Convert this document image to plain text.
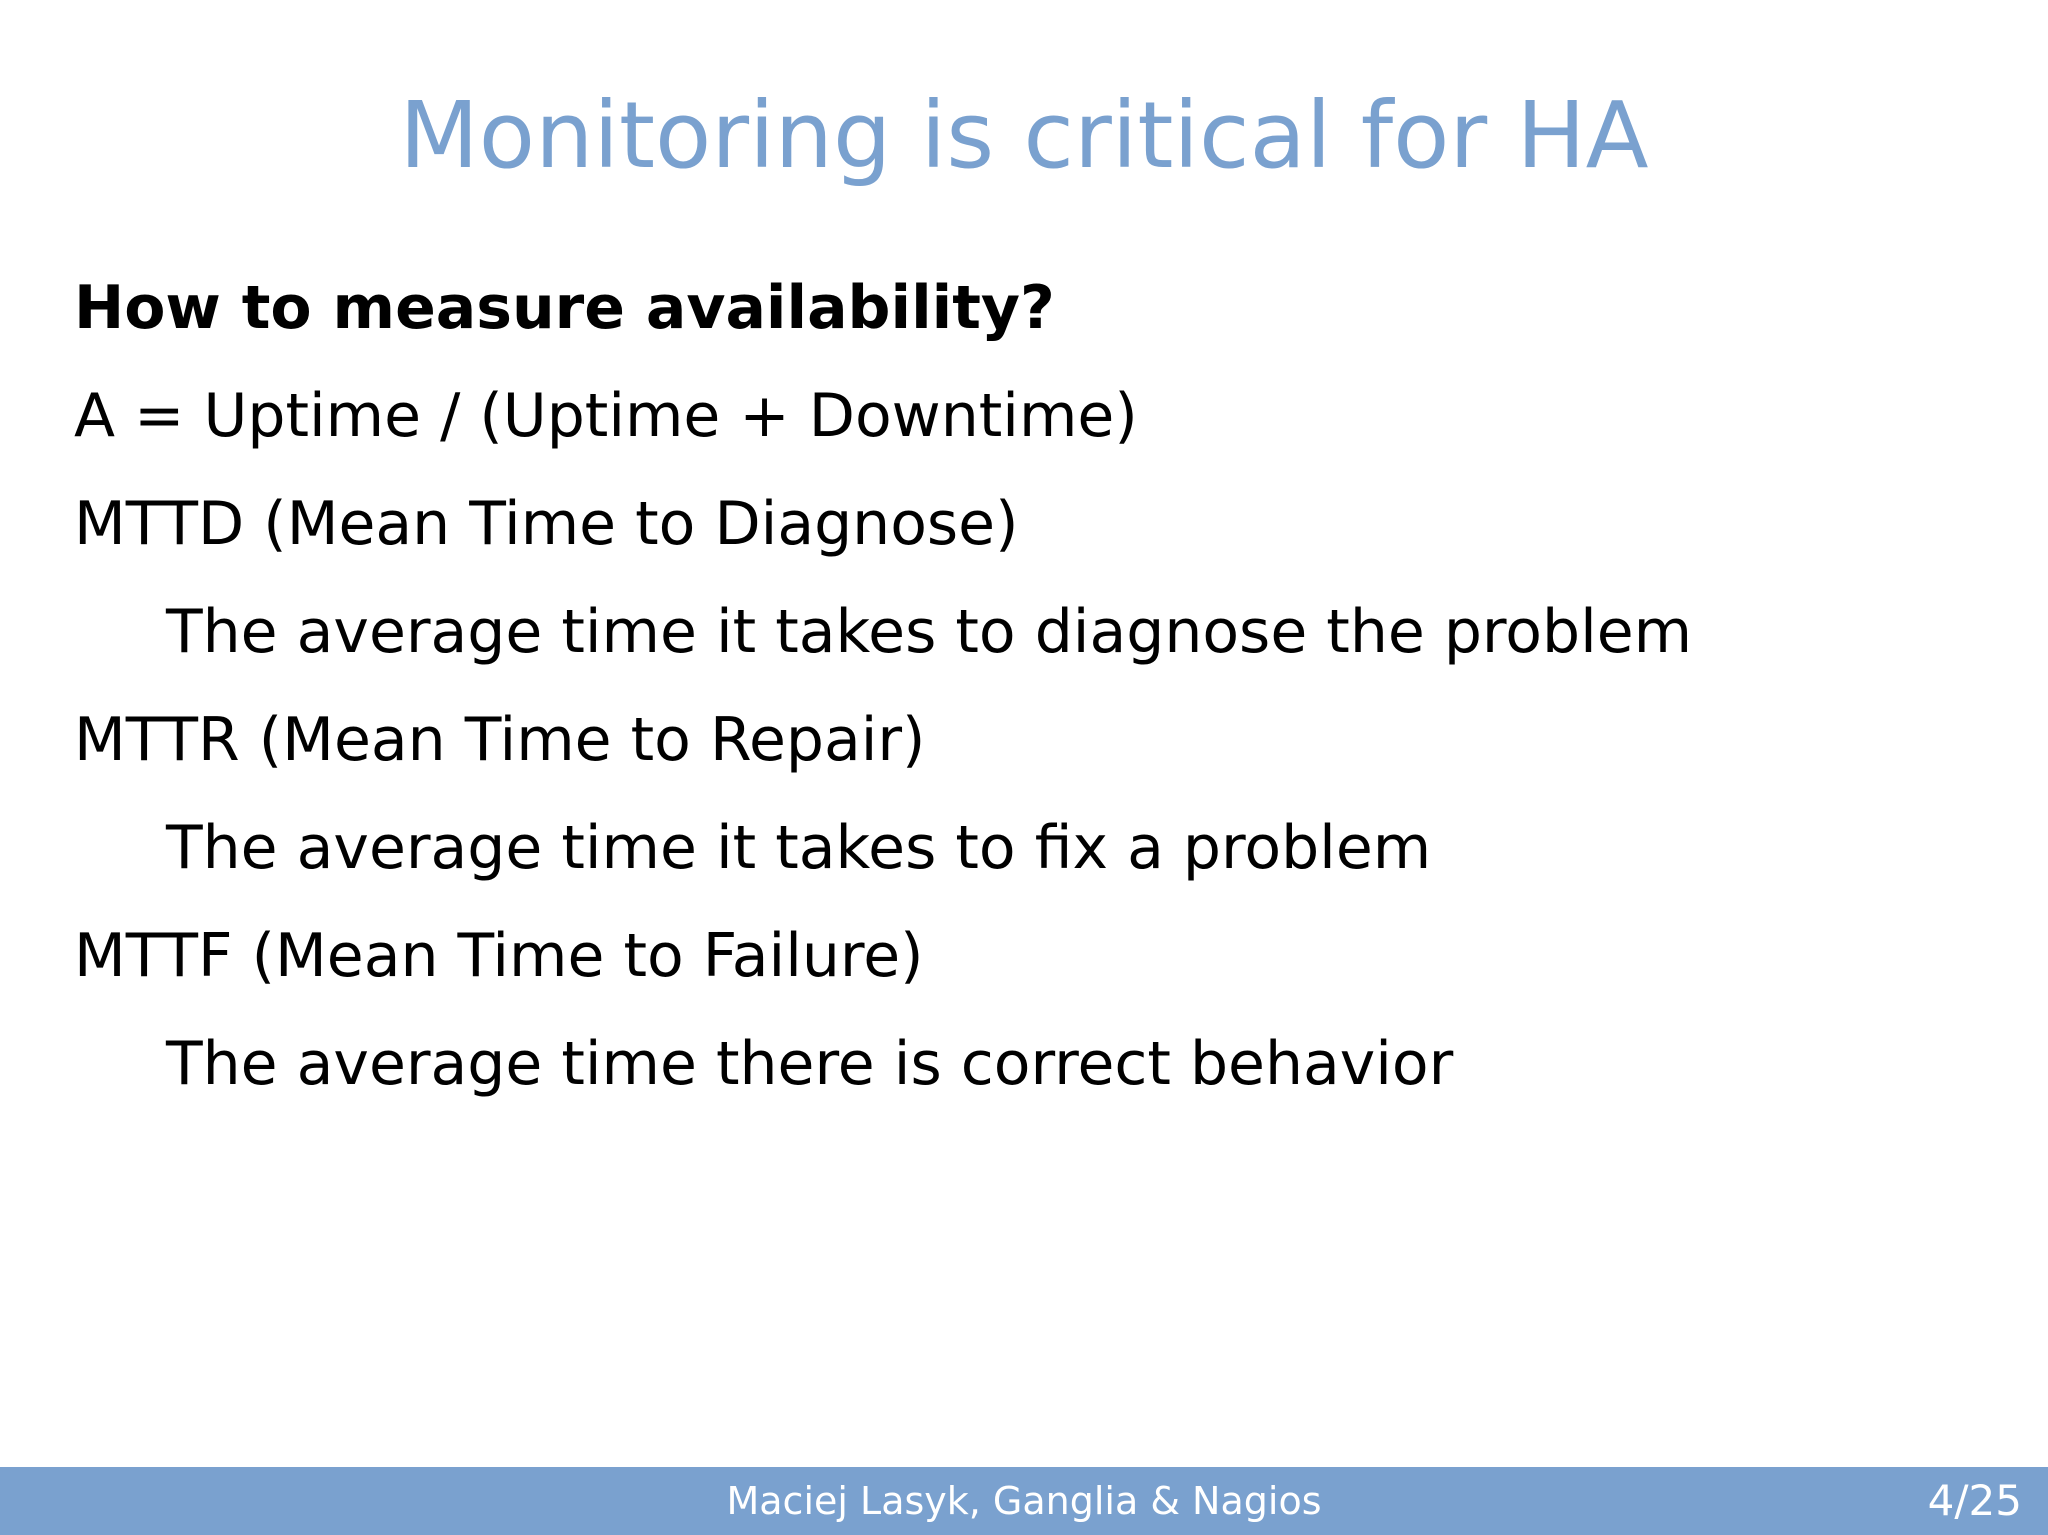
Monitoring is critical for HA
How to measure availability?
A = Uptime / (Uptime + Downtime)
MTTD (Mean Time to Diagnose)
The average time it takes to diagnose the problem
MTTR (Mean Time to Repair)
The average time it takes to fix a problem
MTTF (Mean Time to Failure)
The average time there is correct behavior
Maciej Lasyk, Ganglia & Nagios	4/25
